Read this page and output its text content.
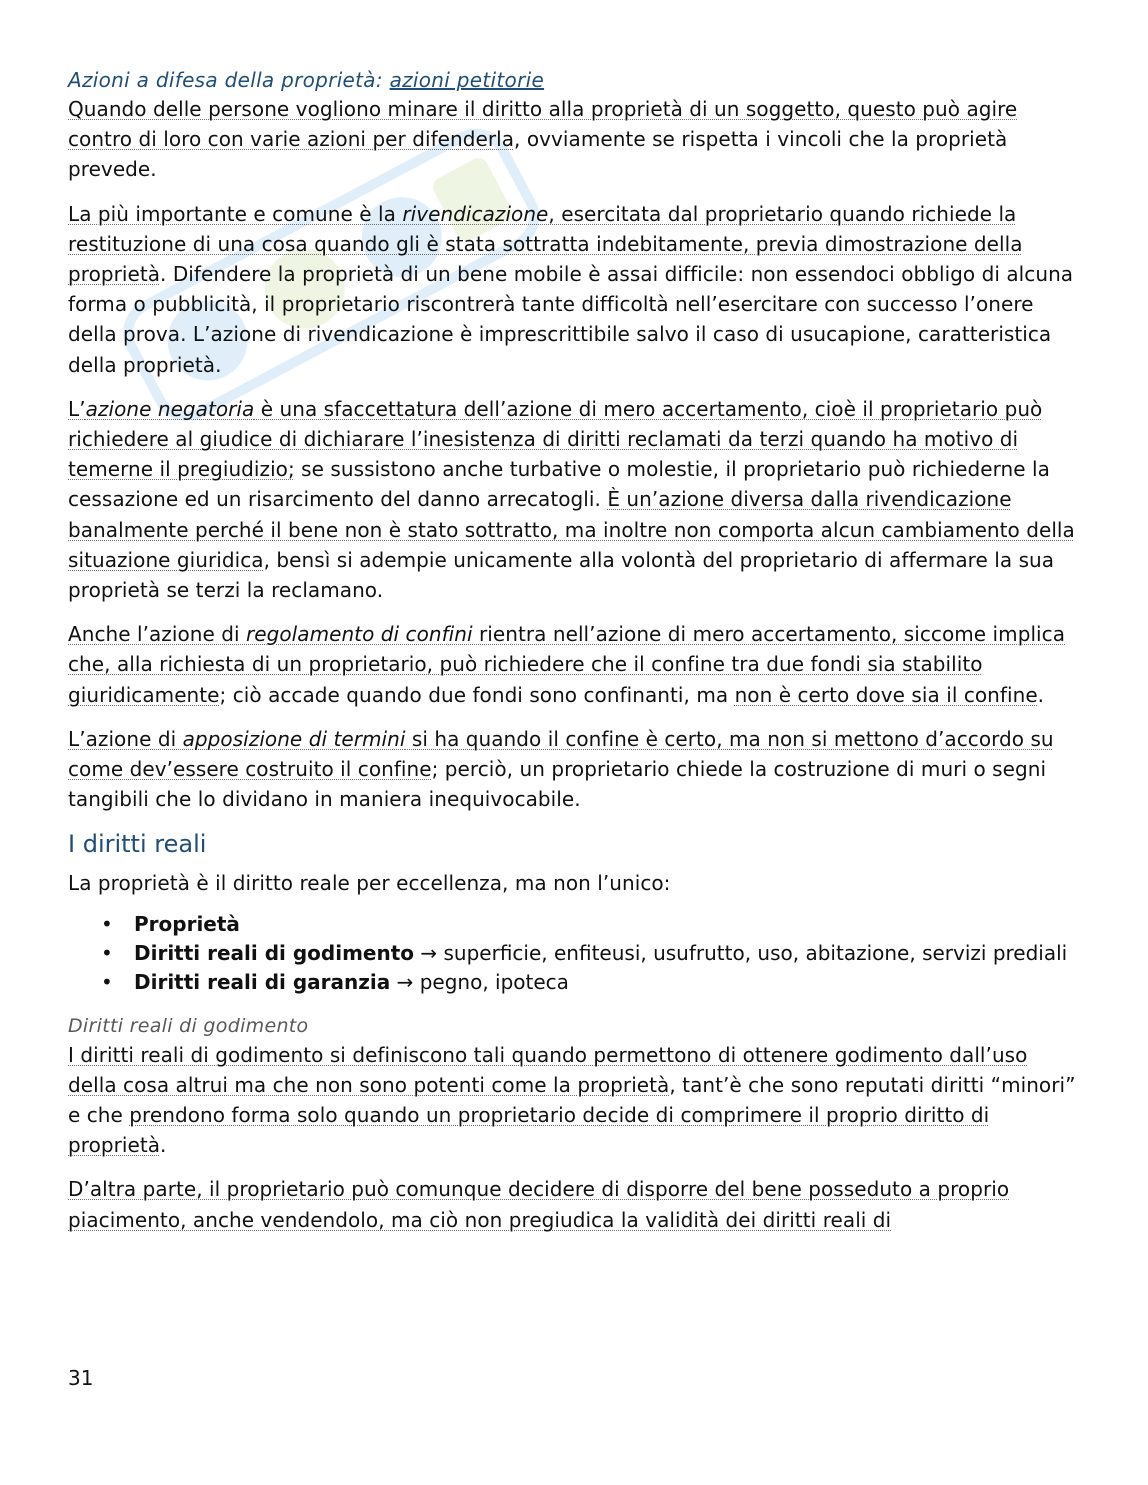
Azioni a difesa della proprietà: azioni petitorie

Quando delle persone vogliono minare il diritto alla proprietà di un soggetto, questo può agire contro di loro con varie azioni per difenderla, ovviamente se rispetta i vincoli che la proprietà prevede.

La più importante e comune è la rivendicazione, esercitata dal proprietario quando richiede la restituzione di una cosa quando gli è stata sottratta indebitamente, previa dimostrazione della proprietà. Difendere la proprietà di un bene mobile è assai difficile: non essendoci obbligo di alcuna forma o pubblicità, il proprietario riscontrerà tante difficoltà nell’esercitare con successo l’onere della prova. L’azione di rivendicazione è imprescrittibile salvo il caso di usucapione, caratteristica della proprietà.

L’azione negatoria è una sfaccettatura dell’azione di mero accertamento, cioè il proprietario può richiedere al giudice di dichiarare l’inesistenza di diritti reclamati da terzi quando ha motivo di temerne il pregiudizio; se sussistono anche turbative o molestie, il proprietario può richiederne la cessazione ed un risarcimento del danno arrecatogli. È un’azione diversa dalla rivendicazione banalmente perché il bene non è stato sottratto, ma inoltre non comporta alcun cambiamento della situazione giuridica, bensì si adempie unicamente alla volontà del proprietario di affermare la sua proprietà se terzi la reclamano.

Anche l’azione di regolamento di confini rientra nell’azione di mero accertamento, siccome implica che, alla richiesta di un proprietario, può richiedere che il confine tra due fondi sia stabilito giuridicamente; ciò accade quando due fondi sono confinanti, ma non è certo dove sia il confine.

L’azione di apposizione di termini si ha quando il confine è certo, ma non si mettono d’accordo su come dev’essere costruito il confine; perciò, un proprietario chiede la costruzione di muri o segni tangibili che lo dividano in maniera inequivocabile.

I diritti reali

La proprietà è il diritto reale per eccellenza, ma non l’unico:

• Proprietà
• Diritti reali di godimento → superficie, enfiteusi, usufrutto, uso, abitazione, servizi prediali
• Diritti reali di garanzia → pegno, ipoteca
Diritti reali di godimento

I diritti reali di godimento si definiscono tali quando permettono di ottenere godimento dall’uso della cosa altrui ma che non sono potenti come la proprietà, tant’è che sono reputati diritti “minori” e che prendono forma solo quando un proprietario decide di comprimere il proprio diritto di proprietà.

D’altra parte, il proprietario può comunque decidere di disporre del bene posseduto a proprio piacimento, anche vendendolo, ma ciò non pregiudica la validità dei diritti reali di

31
